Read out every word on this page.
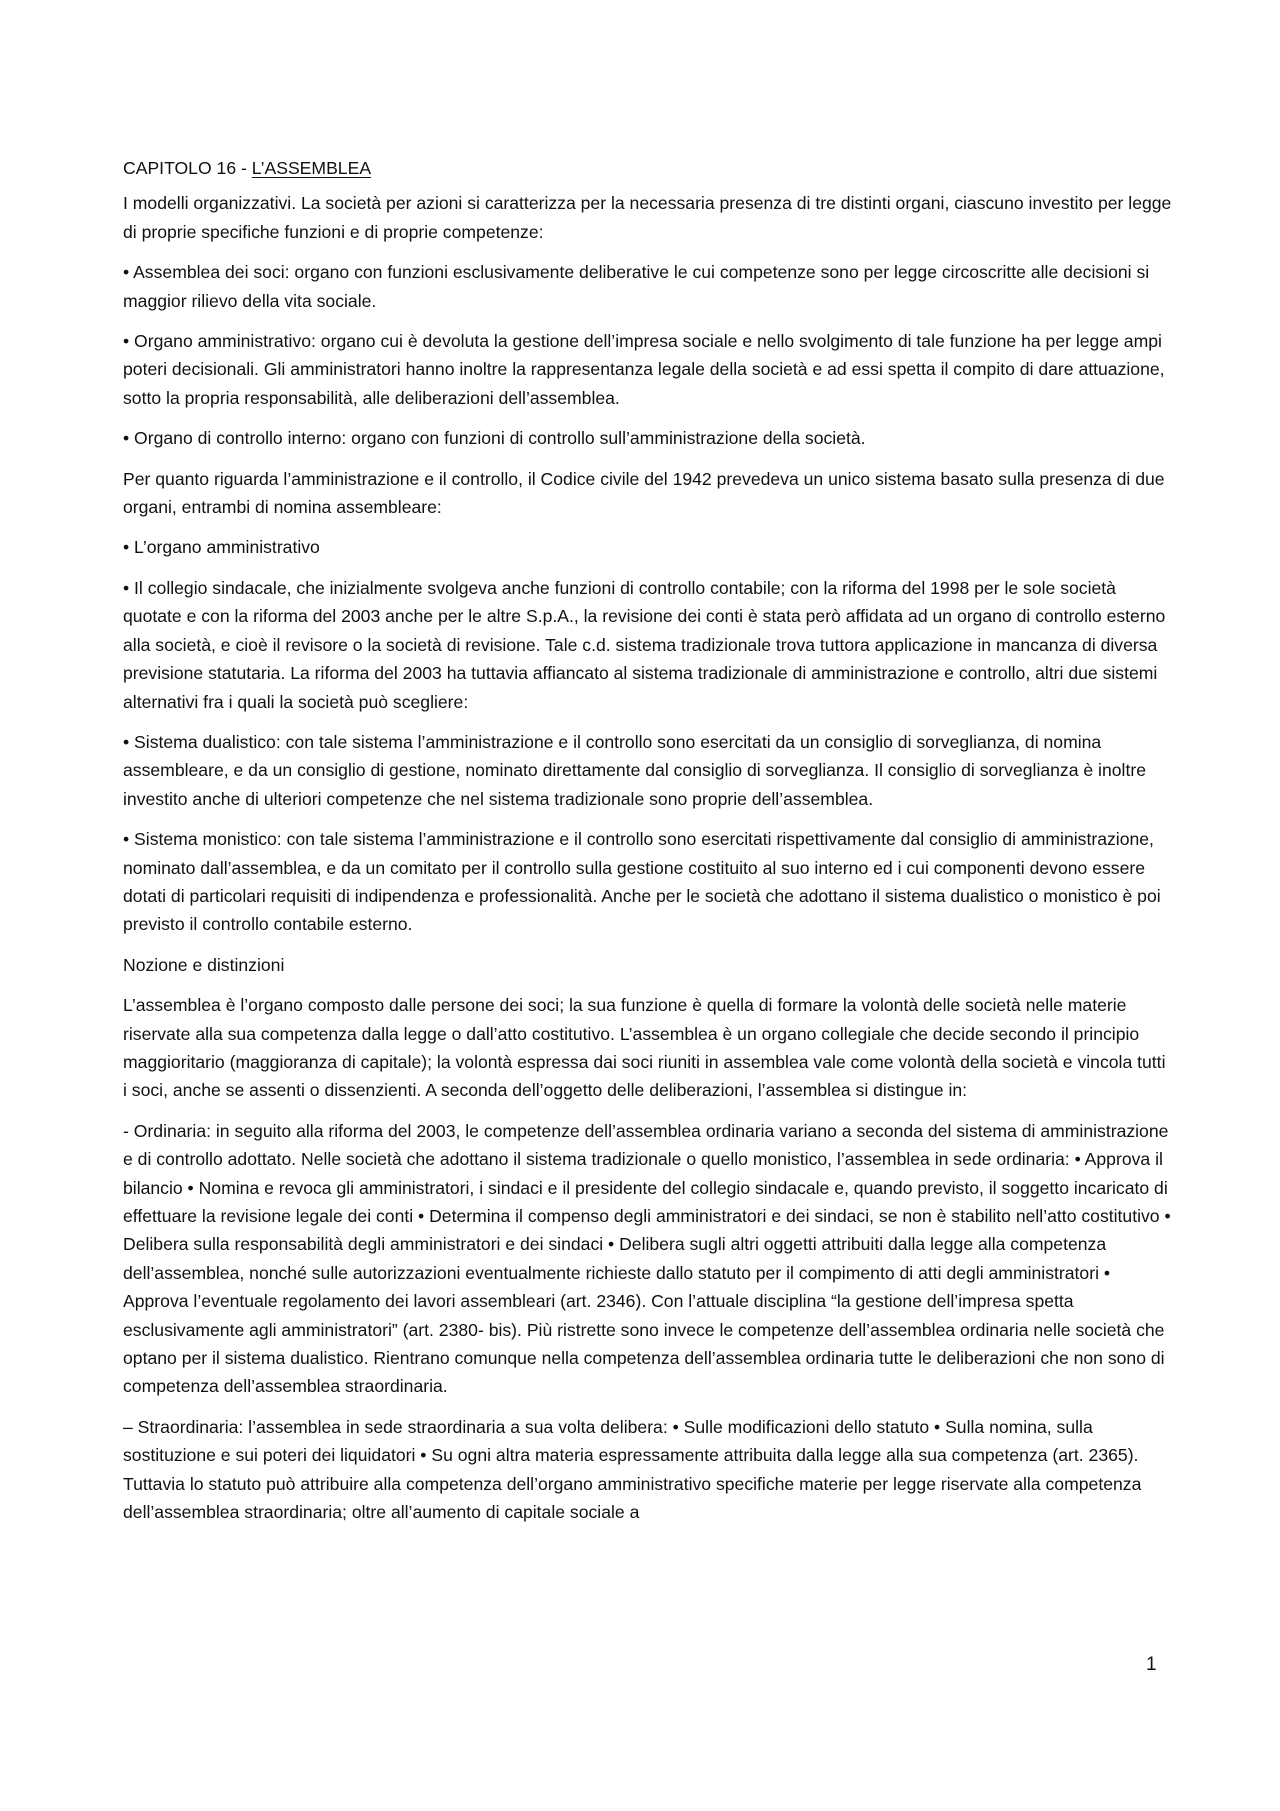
CAPITOLO 16 - L’ASSEMBLEA

I modelli organizzativi. La società per azioni si caratterizza per la necessaria presenza di tre distinti organi, ciascuno investito per legge di proprie specifiche funzioni e di proprie competenze:

• Assemblea dei soci: organo con funzioni esclusivamente deliberative le cui competenze sono per legge circoscritte alle decisioni si maggior rilievo della vita sociale.

• Organo amministrativo: organo cui è devoluta la gestione dell’impresa sociale e nello svolgimento di tale funzione ha per legge ampi poteri decisionali. Gli amministratori hanno inoltre la rappresentanza legale della società e ad essi spetta il compito di dare attuazione, sotto la propria responsabilità, alle deliberazioni dell’assemblea.

• Organo di controllo interno: organo con funzioni di controllo sull’amministrazione della società.

Per quanto riguarda l’amministrazione e il controllo, il Codice civile del 1942 prevedeva un unico sistema basato sulla presenza di due organi, entrambi di nomina assembleare:

• L’organo amministrativo

• Il collegio sindacale, che inizialmente svolgeva anche funzioni di controllo contabile; con la riforma del 1998 per le sole società quotate e con la riforma del 2003 anche per le altre S.p.A., la revisione dei conti è stata però affidata ad un organo di controllo esterno alla società, e cioè il revisore o la società di revisione. Tale c.d. sistema tradizionale trova tuttora applicazione in mancanza di diversa previsione statutaria. La riforma del 2003 ha tuttavia affiancato al sistema tradizionale di amministrazione e controllo, altri due sistemi alternativi fra i quali la società può scegliere:

• Sistema dualistico: con tale sistema l’amministrazione e il controllo sono esercitati da un consiglio di sorveglianza, di nomina assembleare, e da un consiglio di gestione, nominato direttamente dal consiglio di sorveglianza. Il consiglio di sorveglianza è inoltre investito anche di ulteriori competenze che nel sistema tradizionale sono proprie dell’assemblea.

• Sistema monistico: con tale sistema l’amministrazione e il controllo sono esercitati rispettivamente dal consiglio di amministrazione, nominato dall’assemblea, e da un comitato per il controllo sulla gestione costituito al suo interno ed i cui componenti devono essere dotati di particolari requisiti di indipendenza e professionalità. Anche per le società che adottano il sistema dualistico o monistico è poi previsto il controllo contabile esterno.

Nozione e distinzioni

L’assemblea è l’organo composto dalle persone dei soci; la sua funzione è quella di formare la volontà delle società nelle materie riservate alla sua competenza dalla legge o dall’atto costitutivo. L’assemblea è un organo collegiale che decide secondo il principio maggioritario (maggioranza di capitale); la volontà espressa dai soci riuniti in assemblea vale come volontà della società e vincola tutti i soci, anche se assenti o dissenzienti. A seconda dell’oggetto delle deliberazioni, l’assemblea si distingue in:

- Ordinaria: in seguito alla riforma del 2003, le competenze dell’assemblea ordinaria variano a seconda del sistema di amministrazione e di controllo adottato. Nelle società che adottano il sistema tradizionale o quello monistico, l’assemblea in sede ordinaria: • Approva il bilancio • Nomina e revoca gli amministratori, i sindaci e il presidente del collegio sindacale e, quando previsto, il soggetto incaricato di effettuare la revisione legale dei conti • Determina il compenso degli amministratori e dei sindaci, se non è stabilito nell’atto costitutivo • Delibera sulla responsabilità degli amministratori e dei sindaci • Delibera sugli altri oggetti attribuiti dalla legge alla competenza dell’assemblea, nonché sulle autorizzazioni eventualmente richieste dallo statuto per il compimento di atti degli amministratori • Approva l’eventuale regolamento dei lavori assembleari (art. 2346). Con l’attuale disciplina “la gestione dell’impresa spetta esclusivamente agli amministratori” (art. 2380- bis). Più ristrette sono invece le competenze dell’assemblea ordinaria nelle società che optano per il sistema dualistico. Rientrano comunque nella competenza dell’assemblea ordinaria tutte le deliberazioni che non sono di competenza dell’assemblea straordinaria.

– Straordinaria: l’assemblea in sede straordinaria a sua volta delibera: • Sulle modificazioni dello statuto • Sulla nomina, sulla sostituzione e sui poteri dei liquidatori • Su ogni altra materia espressamente attribuita dalla legge alla sua competenza (art. 2365). Tuttavia lo statuto può attribuire alla competenza dell’organo amministrativo specifiche materie per legge riservate alla competenza dell’assemblea straordinaria; oltre all’aumento di capitale sociale a

1
